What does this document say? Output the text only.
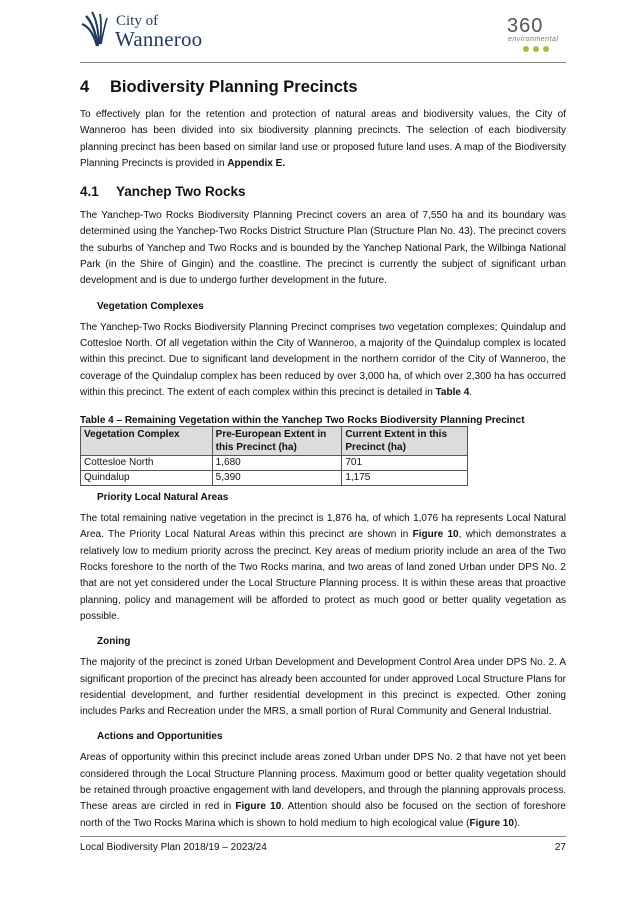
City of
Wanneroo
360
environmental
4 Biodiversity Planning Precincts

To effectively plan for the retention and protection of natural areas and biodiversity values, the City of Wanneroo has been divided into six biodiversity planning precincts. The selection of each biodiversity planning precinct has been based on similar land use or proposed future land uses. A map of the Biodiversity Planning Precincts is provided in Appendix E.

4.1 Yanchep Two Rocks

The Yanchep-Two Rocks Biodiversity Planning Precinct covers an area of 7,550 ha and its boundary was determined using the Yanchep-Two Rocks District Structure Plan (Structure Plan No. 43). The precinct covers the suburbs of Yanchep and Two Rocks and is bounded by the Yanchep National Park, the Wilbinga National Park (in the Shire of Gingin) and the coastline. The precinct is currently the subject of significant urban development and is due to undergo further development in the future.

Vegetation Complexes

The Yanchep-Two Rocks Biodiversity Planning Precinct comprises two vegetation complexes; Quindalup and Cottesloe North. Of all vegetation within the City of Wanneroo, a majority of the Quindalup complex is located within this precinct. Due to significant land development in the northern corridor of the City of Wanneroo, the coverage of the Quindalup complex has been reduced by over 3,000 ha, of which over 2,300 ha has occurred within this precinct. The extent of each complex within this precinct is detailed in Table 4.

Table 4 – Remaining Vegetation within the Yanchep Two Rocks Biodiversity Planning Precinct
Vegetation Complex	Pre-European Extent in this Precinct (ha)	Current Extent in this Precinct (ha)
Cottesloe North	1,680	701
Quindalup	5,390	1,175
Priority Local Natural Areas

The total remaining native vegetation in the precinct is 1,876 ha, of which 1,076 ha represents Local Natural Area. The Priority Local Natural Areas within this precinct are shown in Figure 10, which demonstrates a relatively low to medium priority across the precinct. Key areas of medium priority include an area of the Two Rocks foreshore to the north of the Two Rocks marina, and two areas of land zoned Urban under DPS No. 2 that are not yet considered under the Local Structure Planning process. It is within these areas that proactive planning, policy and management will be afforded to protect as much good or better quality vegetation as possible.

Zoning

The majority of the precinct is zoned Urban Development and Development Control Area under DPS No. 2. A significant proportion of the precinct has already been accounted for under approved Local Structure Plans for residential development, and further residential development in this precinct is expected. Other zoning includes Parks and Recreation under the MRS, a small portion of Rural Community and General Industrial.

Actions and Opportunities

Areas of opportunity within this precinct include areas zoned Urban under DPS No. 2 that have not yet been considered through the Local Structure Planning process. Maximum good or better quality vegetation should be retained through proactive engagement with land developers, and through the planning approvals process. These areas are circled in red in Figure 10. Attention should also be focused on the section of foreshore north of the Two Rocks Marina which is shown to hold medium to high ecological value (Figure 10).

Local Biodiversity Plan 2018/19 – 2023/24	27
